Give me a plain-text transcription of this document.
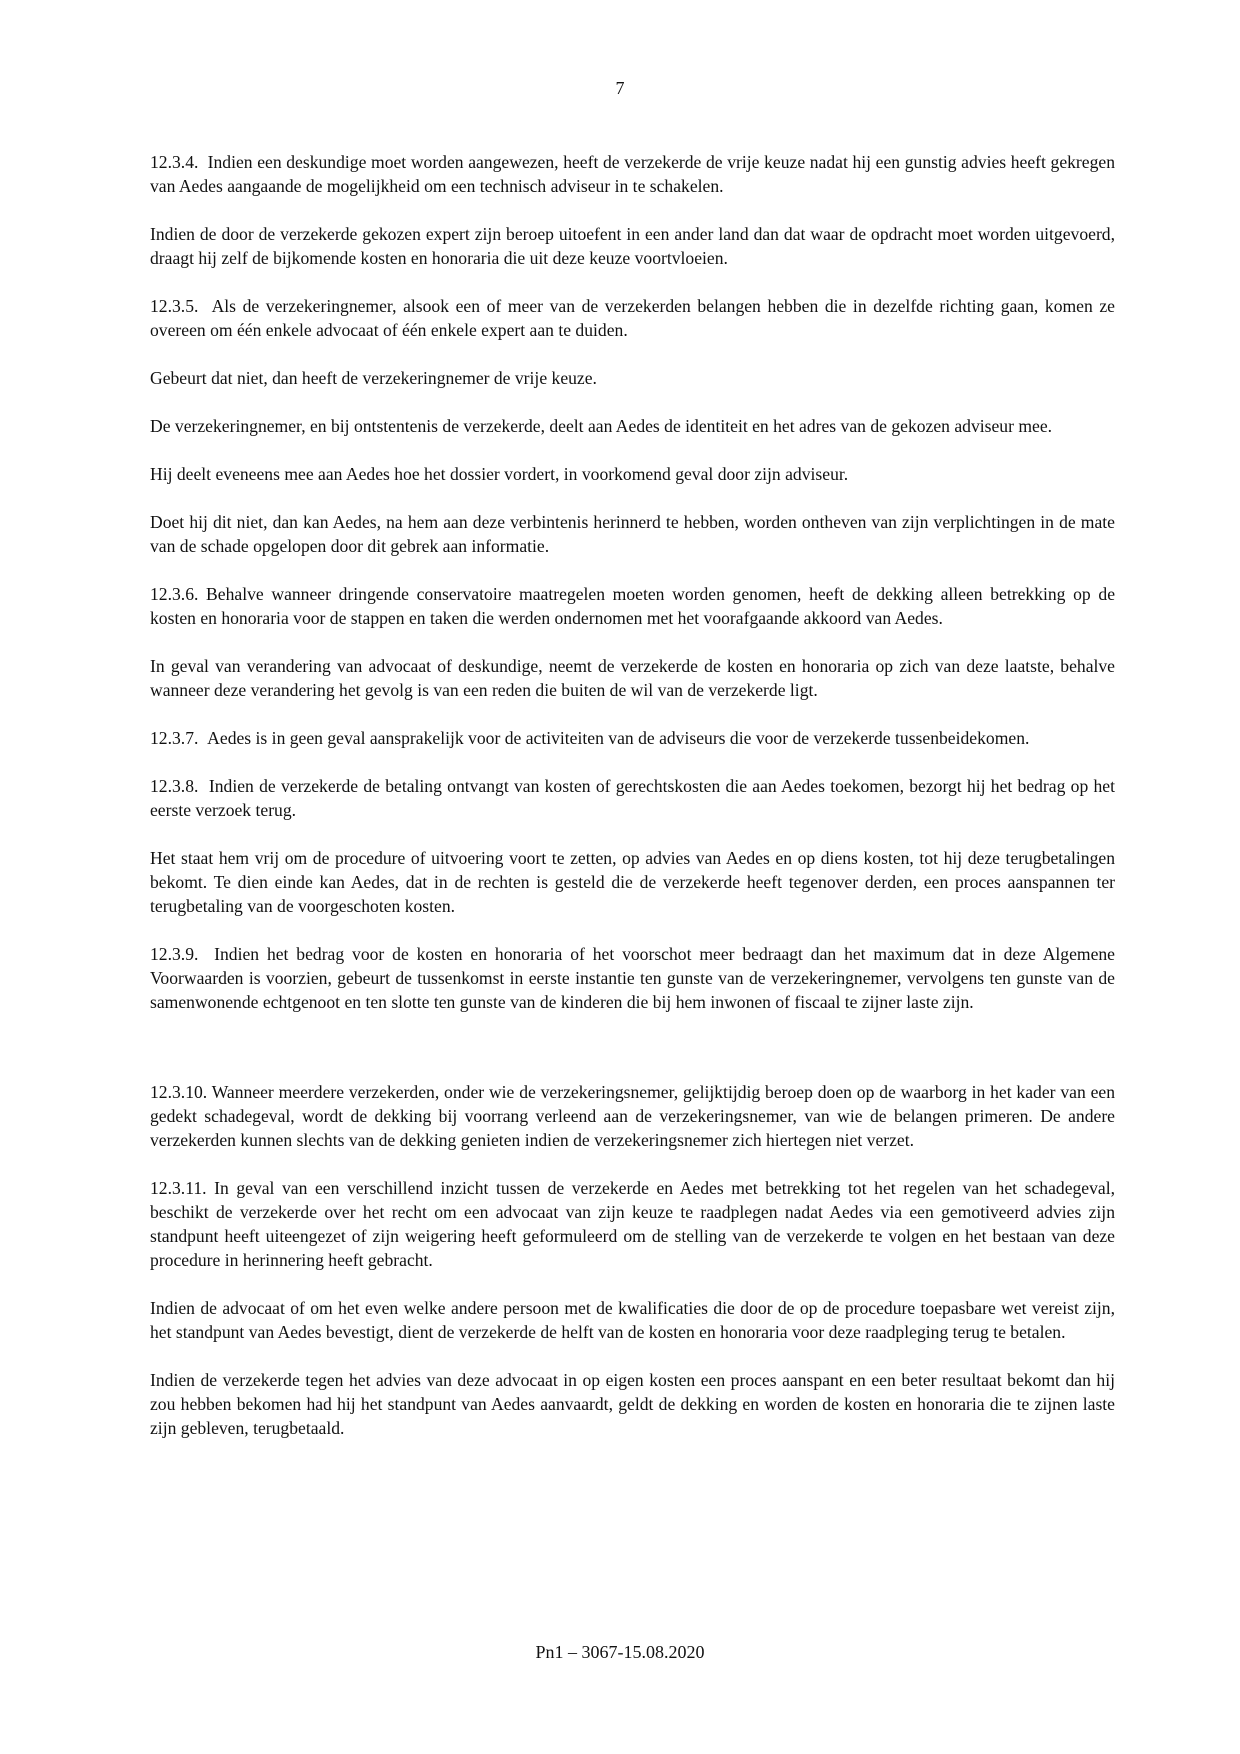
7

12.3.4.  Indien een deskundige moet worden aangewezen, heeft de verzekerde de vrije keuze nadat hij een gunstig advies heeft gekregen van Aedes aangaande de mogelijkheid om een technisch adviseur in te schakelen.

Indien de door de verzekerde gekozen expert zijn beroep uitoefent in een ander land dan dat waar de opdracht moet worden uitgevoerd, draagt hij zelf de bijkomende kosten en honoraria die uit deze keuze voortvloeien.

12.3.5.  Als de verzekeringnemer, alsook een of meer van de verzekerden belangen hebben die in dezelfde richting gaan, komen ze overeen om één enkele advocaat of één enkele expert aan te duiden.

Gebeurt dat niet, dan heeft de verzekeringnemer de vrije keuze.

De verzekeringnemer, en bij ontstentenis de verzekerde, deelt aan Aedes de identiteit en het adres van de gekozen adviseur mee.

Hij deelt eveneens mee aan Aedes hoe het dossier vordert, in voorkomend geval door zijn adviseur.

Doet hij dit niet, dan kan Aedes, na hem aan deze verbintenis herinnerd te hebben, worden ontheven van zijn verplichtingen in de mate van de schade opgelopen door dit gebrek aan informatie.

12.3.6. Behalve wanneer dringende conservatoire maatregelen moeten worden genomen, heeft de dekking alleen betrekking op de kosten en honoraria voor de stappen en taken die werden ondernomen met het voorafgaande akkoord van Aedes.

In geval van verandering van advocaat of deskundige, neemt de verzekerde de kosten en honoraria op zich van deze laatste, behalve wanneer deze verandering het gevolg is van een reden die buiten de wil van de verzekerde ligt.

12.3.7.  Aedes is in geen geval aansprakelijk voor de activiteiten van de adviseurs die voor de verzekerde tussenbeidekomen.

12.3.8.  Indien de verzekerde de betaling ontvangt van kosten of gerechtskosten die aan Aedes toekomen, bezorgt hij het bedrag op het eerste verzoek terug.

Het staat hem vrij om de procedure of uitvoering voort te zetten, op advies van Aedes en op diens kosten, tot hij deze terugbetalingen bekomt. Te dien einde kan Aedes, dat in de rechten is gesteld die de verzekerde heeft tegenover derden, een proces aanspannen ter terugbetaling van de voorgeschoten kosten.

12.3.9.  Indien het bedrag voor de kosten en honoraria of het voorschot meer bedraagt dan het maximum dat in deze Algemene Voorwaarden is voorzien, gebeurt de tussenkomst in eerste instantie ten gunste van de verzekeringnemer, vervolgens ten gunste van de samenwonende echtgenoot en ten slotte ten gunste van de kinderen die bij hem inwonen of fiscaal te zijner laste zijn.

12.3.10. Wanneer meerdere verzekerden, onder wie de verzekeringsnemer, gelijktijdig beroep doen op de waarborg in het kader van een gedekt schadegeval, wordt de dekking bij voorrang verleend aan de verzekeringsnemer, van wie de belangen primeren. De andere verzekerden kunnen slechts van de dekking genieten indien de verzekeringsnemer zich hiertegen niet verzet.

12.3.11. In geval van een verschillend inzicht tussen de verzekerde en Aedes met betrekking tot het regelen van het schadegeval, beschikt de verzekerde over het recht om een advocaat van zijn keuze te raadplegen nadat Aedes via een gemotiveerd advies zijn standpunt heeft uiteengezet of zijn weigering heeft geformuleerd om de stelling van de verzekerde te volgen en het bestaan van deze procedure in herinnering heeft gebracht.

Indien de advocaat of om het even welke andere persoon met de kwalificaties die door de op de procedure toepasbare wet vereist zijn, het standpunt van Aedes bevestigt, dient de verzekerde de helft van de kosten en honoraria voor deze raadpleging terug te betalen.

Indien de verzekerde tegen het advies van deze advocaat in op eigen kosten een proces aanspant en een beter resultaat bekomt dan hij zou hebben bekomen had hij het standpunt van Aedes aanvaardt, geldt de dekking en worden de kosten en honoraria die te zijnen laste zijn gebleven, terugbetaald.

Pn1 – 3067-15.08.2020
